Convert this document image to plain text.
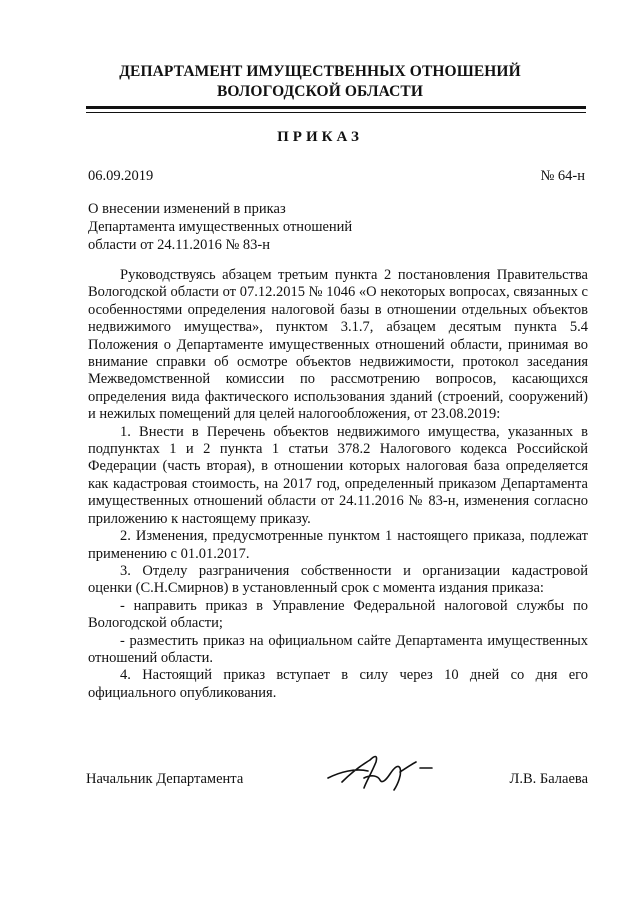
ДЕПАРТАМЕНТ ИМУЩЕСТВЕННЫХ ОТНОШЕНИЙ
ВОЛОГОДСКОЙ ОБЛАСТИ
ПРИКАЗ
06.09.2019	№ 64-н
О внесении изменений в приказ
Департамента имущественных отношений
области от 24.11.2016 № 83-н

Руководствуясь абзацем третьим пункта 2 постановления Правительства Вологодской области от 07.12.2015 № 1046 «О некоторых вопросах, связанных с особенностями определения налоговой базы в отношении отдельных объектов недвижимого имущества», пунктом 3.1.7, абзацем десятым пункта 5.4 Положения о Департаменте имущественных отношений области, принимая во внимание справки об осмотре объектов недвижимости, протокол заседания Межведомственной комиссии по рассмотрению вопросов, касающихся определения вида фактического использования зданий (строений, сооружений) и нежилых помещений для целей налогообложения, от 23.08.2019:

1. Внести в Перечень объектов недвижимого имущества, указанных в подпунктах 1 и 2 пункта 1 статьи 378.2 Налогового кодекса Российской Федерации (часть вторая), в отношении которых налоговая база определяется как кадастровая стоимость, на 2017 год, определенный приказом Департамента имущественных отношений области от 24.11.2016 № 83-н, изменения согласно приложению к настоящему приказу.

2. Изменения, предусмотренные пунктом 1 настоящего приказа, подлежат применению с 01.01.2017.

3. Отделу разграничения собственности и организации кадастровой оценки (С.Н.Смирнов) в установленный срок с момента издания приказа:

- направить приказ в Управление Федеральной налоговой службы по Вологодской области;

- разместить приказ на официальном сайте Департамента имущественных отношений области.

4. Настоящий приказ вступает в силу через 10 дней со дня его официального опубликования.

Начальник Департамента	Л.В. Балаева
